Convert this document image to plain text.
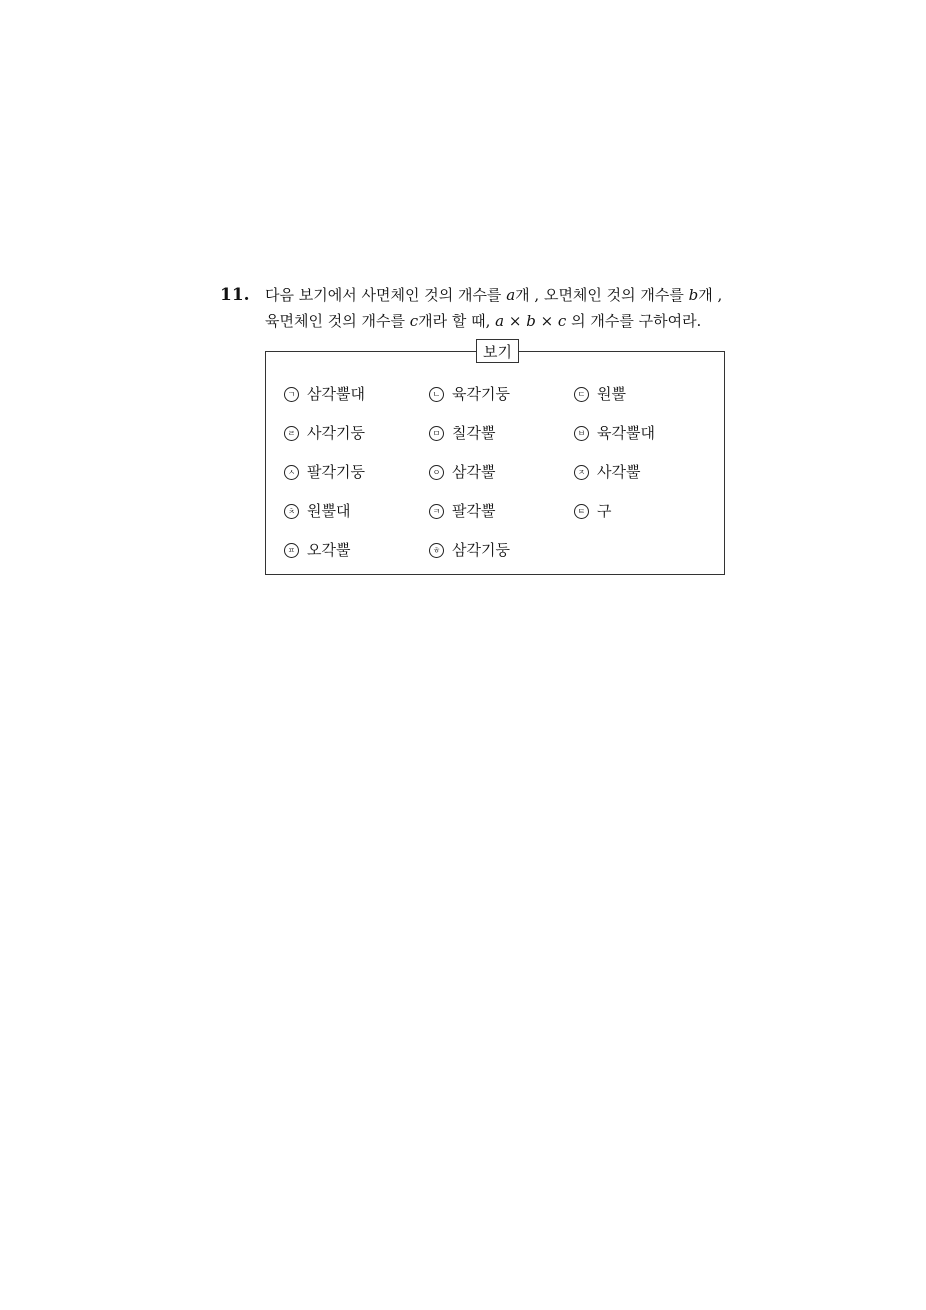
11. 다음 보기에서 사면체인 것의 개수를 a개 , 오면체인 것의 개수를 b개 ,
육면체인 것의 개수를 c개라 할 때, a × b × c 의 개수를 구하여라.
보기
ㄱ 삼각뿔대	ㄴ 육각기둥	ㄷ 원뿔
ㄹ 사각기둥	ㅁ 칠각뿔	ㅂ 육각뿔대
ㅅ 팔각기둥	ㅇ 삼각뿔	ㅈ 사각뿔
ㅊ 원뿔대	ㅋ 팔각뿔	ㅌ 구
ㅍ 오각뿔	ㅎ 삼각기둥
